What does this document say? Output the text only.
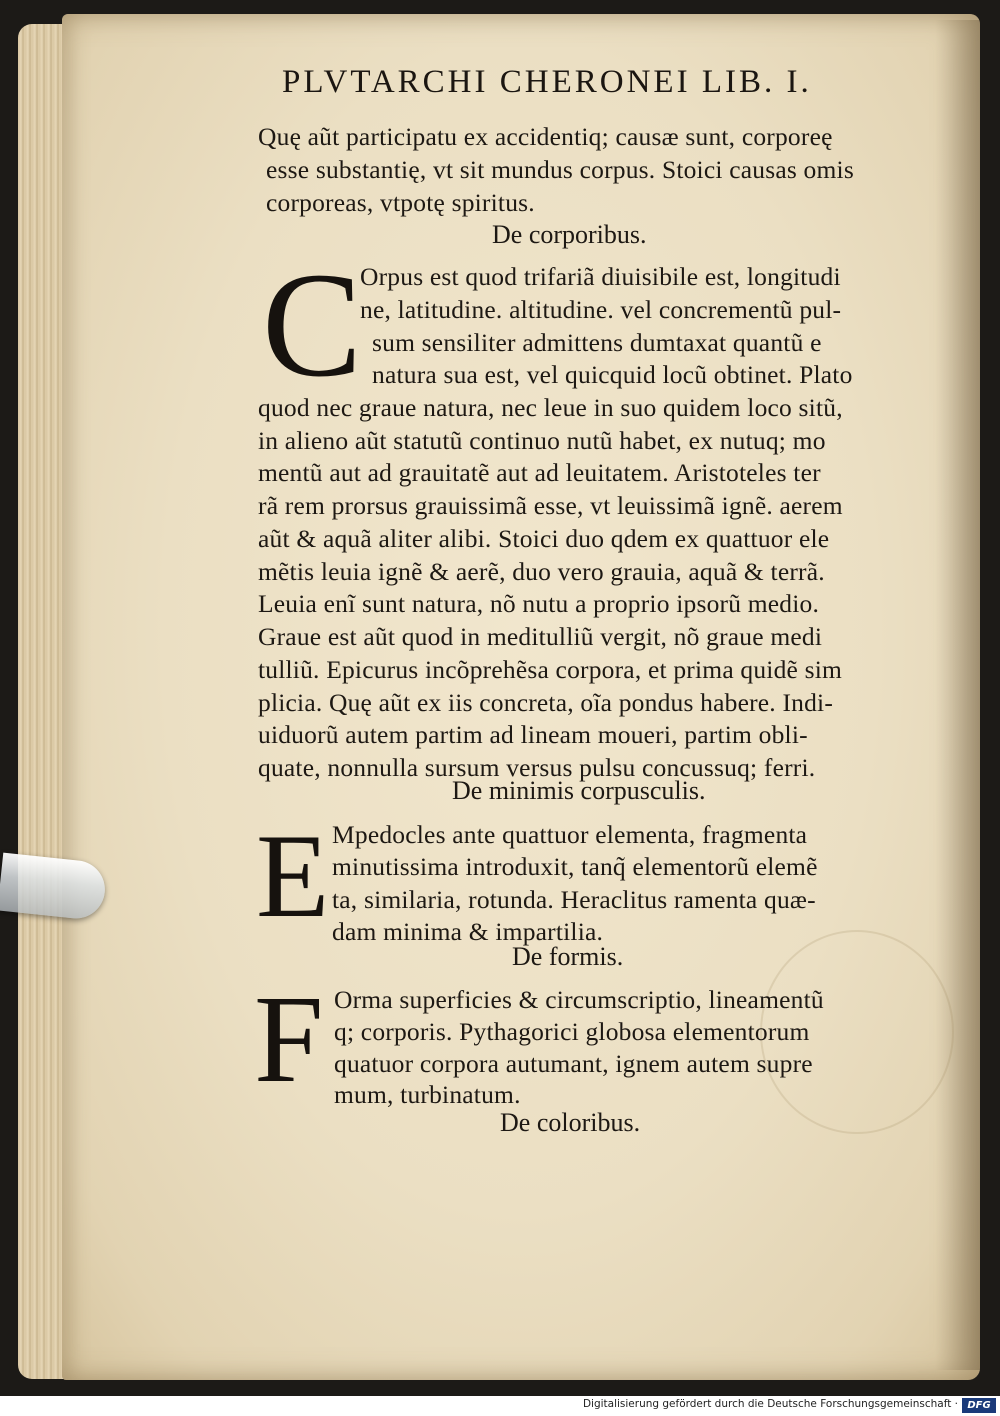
PLVTARCHI CHERONEI LIB. I.
Quę aũt participatu ex accidentiq; causæ sunt, corporeę
esse substantię, vt sit mundus corpus. Stoici causas omis
corporeas, vtpotę spiritus.
De corporibus.
C
Orpus est quod trifariã diuisibile est, longitudi
ne, latitudine. altitudine. vel concrementũ pul-
sum sensiliter admittens dumtaxat quantũ e
natura sua est, vel quicquid locũ obtinet. Plato
quod nec graue natura, nec leue in suo quidem loco sitũ,
in alieno aũt statutũ continuo nutũ habet, ex nutuq; mo
mentũ aut ad grauitatẽ aut ad leuitatem. Aristoteles ter
rã rem prorsus grauissimã esse, vt leuissimã ignẽ. aerem
aũt & aquã aliter alibi. Stoici duo qdem ex quattuor ele
mẽtis leuia ignẽ & aerẽ, duo vero grauia, aquã & terrã.
Leuia enĩ sunt natura, nõ nutu a proprio ipsorũ medio.
Graue est aũt quod in meditulliũ vergit, nõ graue medi
tulliũ. Epicurus incõprehẽsa corpora, et prima quidẽ sim
plicia. Quę aũt ex iis concreta, oĩa pondus habere. Indi-
uiduorũ autem partim ad lineam moueri, partim obli-
quate, nonnulla sursum versus pulsu concussuq; ferri.
De minimis corpusculis.
E Mpedocles ante quattuor elementa, fragmenta
minutissima introduxit, tanq̃ elementorũ elemẽ
ta, similaria, rotunda. Heraclitus ramenta quæ-
dam minima & impartilia.
De formis.
F Orma superficies & circumscriptio, lineamentũ
q; corporis. Pythagorici globosa elementorum
quatuor corpora autumant, ignem autem supre
mum, turbinatum.
De coloribus.
Digitalisierung gefördert durch die Deutsche Forschungsgemeinschaft · DFG
